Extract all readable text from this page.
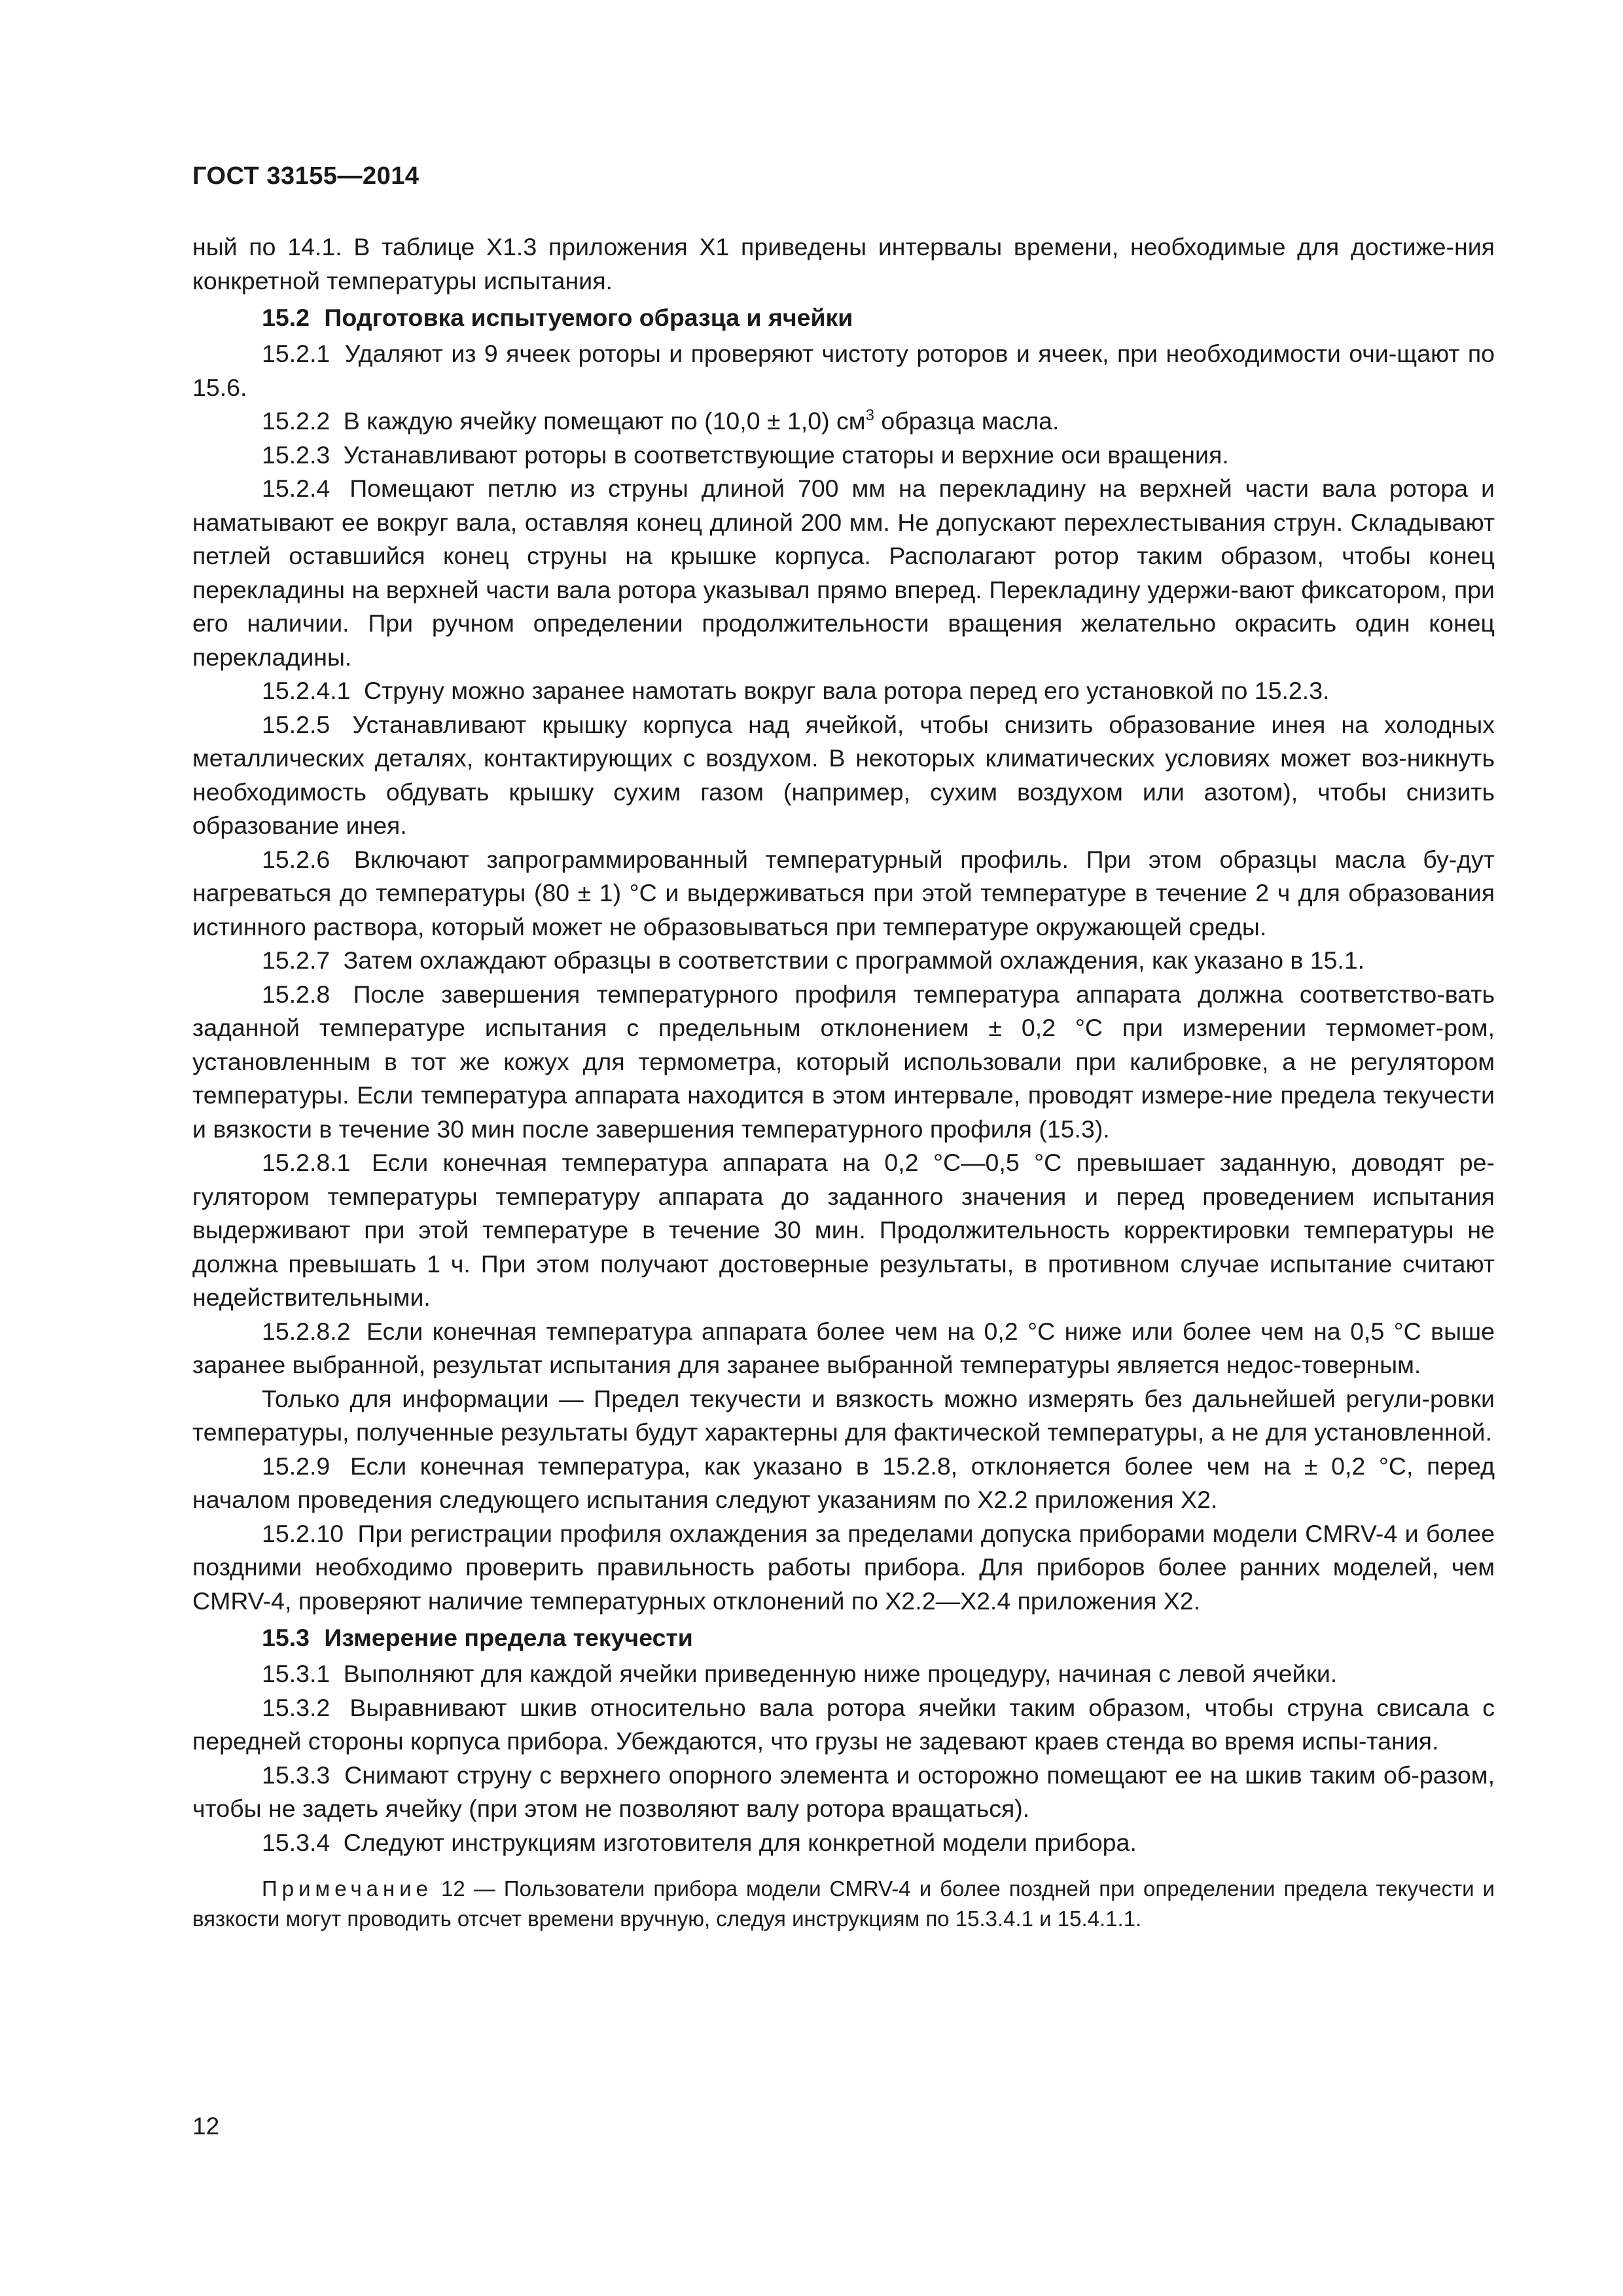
ГОСТ 33155—2014

ный по 14.1. В таблице X1.3 приложения X1 приведены интервалы времени, необходимые для достиже-ния конкретной температуры испытания.

15.2 Подготовка испытуемого образца и ячейки

15.2.1 Удаляют из 9 ячеек роторы и проверяют чистоту роторов и ячеек, при необходимости очи-щают по 15.6.

15.2.2 В каждую ячейку помещают по (10,0 ± 1,0) $см^3$ образца масла.

15.2.3 Устанавливают роторы в соответствующие статоры и верхние оси вращения.

15.2.4 Помещают петлю из струны длиной 700 мм на перекладину на верхней части вала ротора и наматывают ее вокруг вала, оставляя конец длиной 200 мм. Не допускают перехлестывания струн. Складывают петлей оставшийся конец струны на крышке корпуса. Располагают ротор таким образом, чтобы конец перекладины на верхней части вала ротора указывал прямо вперед. Перекладину удержи-вают фиксатором, при его наличии. При ручном определении продолжительности вращения желательно окрасить один конец перекладины.

15.2.4.1 Струну можно заранее намотать вокруг вала ротора перед его установкой по 15.2.3.

15.2.5 Устанавливают крышку корпуса над ячейкой, чтобы снизить образование инея на холодных металлических деталях, контактирующих с воздухом. В некоторых климатических условиях может воз-никнуть необходимость обдувать крышку сухим газом (например, сухим воздухом или азотом), чтобы снизить образование инея.

15.2.6 Включают запрограммированный температурный профиль. При этом образцы масла бу-дут нагреваться до температуры (80 ± 1) °C и выдерживаться при этой температуре в течение 2 ч для образования истинного раствора, который может не образовываться при температуре окружающей среды.

15.2.7 Затем охлаждают образцы в соответствии с программой охлаждения, как указано в 15.1.

15.2.8 После завершения температурного профиля температура аппарата должна соответство-вать заданной температуре испытания с предельным отклонением ± 0,2 °C при измерении термомет-ром, установленным в тот же кожух для термометра, который использовали при калибровке, а не регулятором температуры. Если температура аппарата находится в этом интервале, проводят измере-ние предела текучести и вязкости в течение 30 мин после завершения температурного профиля (15.3).

15.2.8.1 Если конечная температура аппарата на 0,2 °C—0,5 °C превышает заданную, доводят ре-гулятором температуры температуру аппарата до заданного значения и перед проведением испытания выдерживают при этой температуре в течение 30 мин. Продолжительность корректировки температуры не должна превышать 1 ч. При этом получают достоверные результаты, в противном случае испытание считают недействительными.

15.2.8.2 Если конечная температура аппарата более чем на 0,2 °C ниже или более чем на 0,5 °C выше заранее выбранной, результат испытания для заранее выбранной температуры является недос-товерным.

Только для информации — Предел текучести и вязкость можно измерять без дальнейшей регули-ровки температуры, полученные результаты будут характерны для фактической температуры, а не для установленной.

15.2.9 Если конечная температура, как указано в 15.2.8, отклоняется более чем на ± 0,2 °C, перед началом проведения следующего испытания следуют указаниям по X2.2 приложения X2.

15.2.10 При регистрации профиля охлаждения за пределами допуска приборами модели CMRV-4 и более поздними необходимо проверить правильность работы прибора. Для приборов более ранних моделей, чем CMRV-4, проверяют наличие температурных отклонений по X2.2—X2.4 приложения X2.

15.3 Измерение предела текучести

15.3.1 Выполняют для каждой ячейки приведенную ниже процедуру, начиная с левой ячейки.

15.3.2 Выравнивают шкив относительно вала ротора ячейки таким образом, чтобы струна свисала с передней стороны корпуса прибора. Убеждаются, что грузы не задевают краев стенда во время испы-тания.

15.3.3 Снимают струну с верхнего опорного элемента и осторожно помещают ее на шкив таким об-разом, чтобы не задеть ячейку (при этом не позволяют валу ротора вращаться).

15.3.4 Следуют инструкциям изготовителя для конкретной модели прибора.

Примечание 12 — Пользователи прибора модели CMRV-4 и более поздней при определении предела текучести и вязкости могут проводить отсчет времени вручную, следуя инструкциям по 15.3.4.1 и 15.4.1.1.

12
